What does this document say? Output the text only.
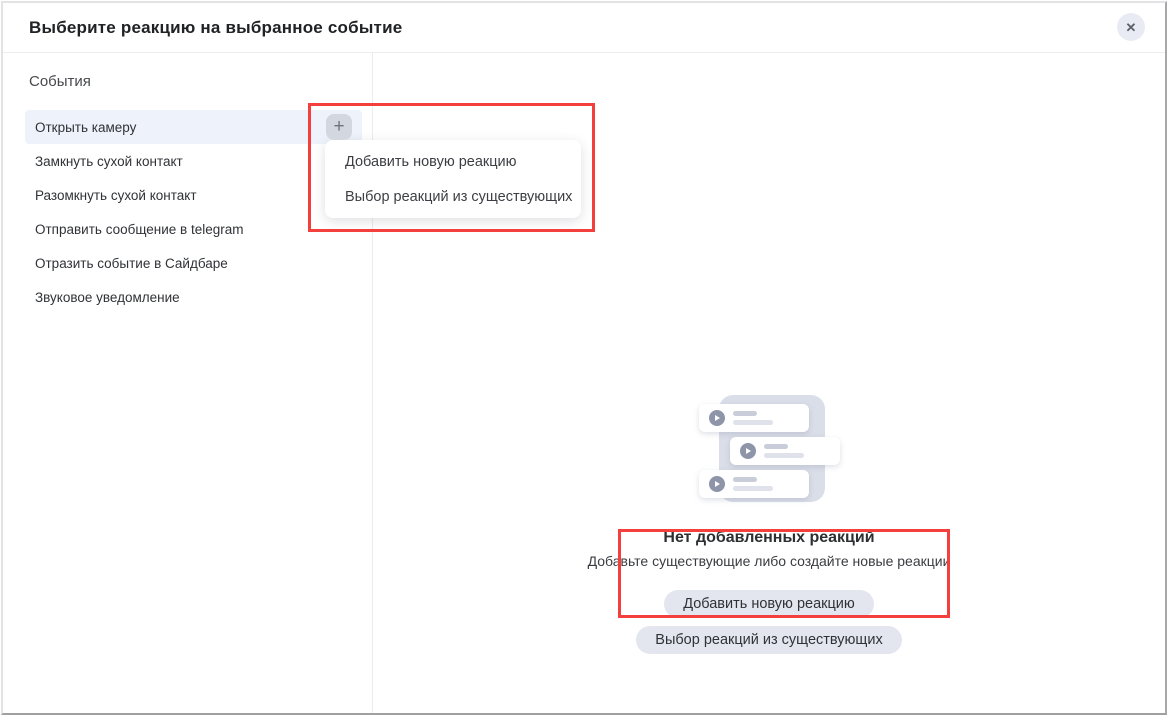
Выберите реакцию на выбранное событие	✕
События
Открыть камеру
Замкнуть сухой контакт
Разомкнуть сухой контакт
Отправить сообщение в telegram
Отразить событие в Сайдбаре
Звуковое уведомление
Нет добавленных реакций
Добавьте существующие либо создайте новые реакции
Добавить новую реакцию
Выбор реакций из существующих
+
Добавить новую реакцию
Выбор реакций из существующих
